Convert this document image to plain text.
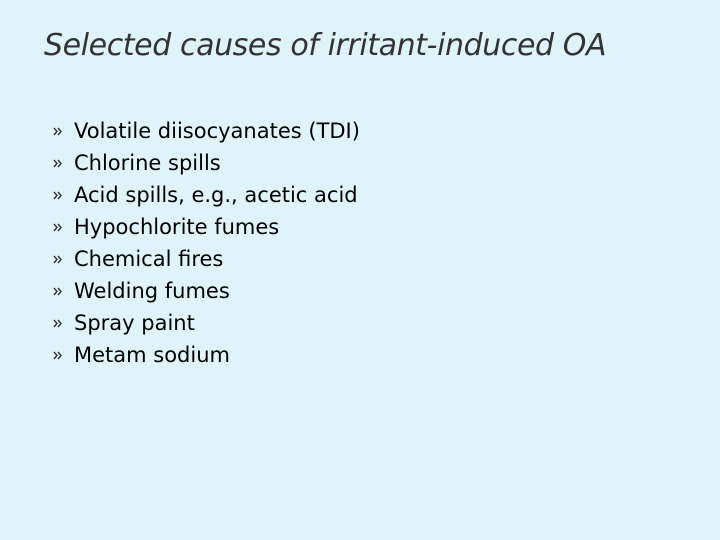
Selected causes of irritant-induced OA
Volatile diisocyanates (TDI)
Chlorine spills
Acid spills, e.g., acetic acid
Hypochlorite fumes
Chemical fires
Welding fumes
Spray paint
Metam sodium
